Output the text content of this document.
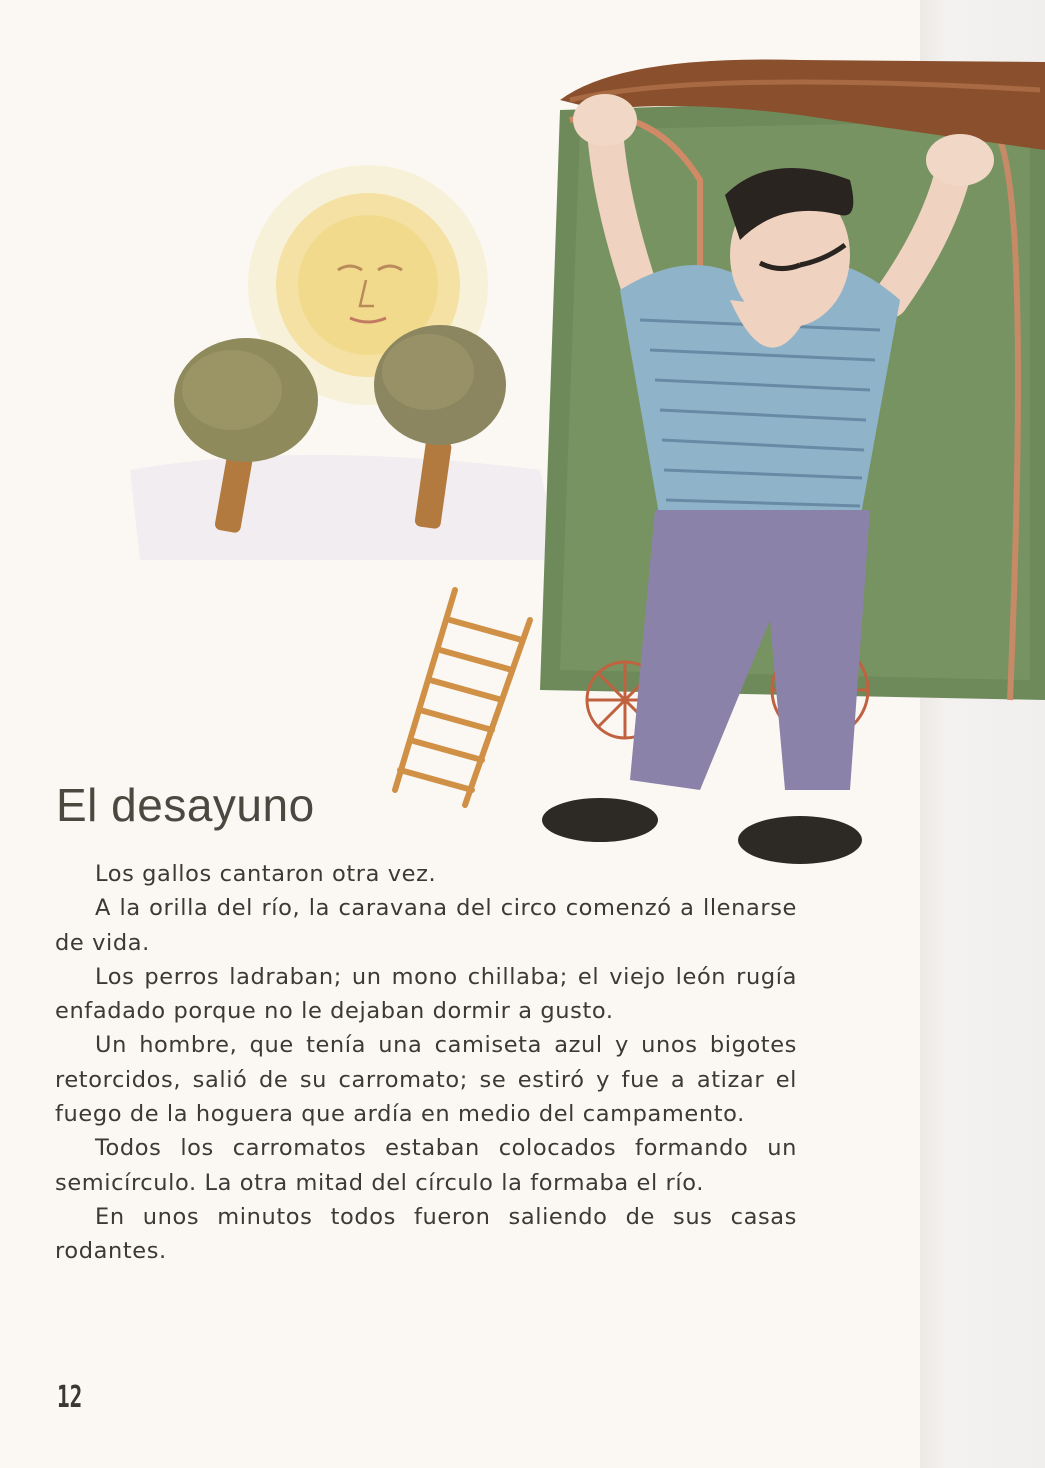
El desayuno

Los gallos cantaron otra vez.

A la orilla del río, la caravana del circo comenzó a llenarse de vida.

Los perros ladraban; un mono chillaba; el viejo león rugía enfadado porque no le dejaban dormir a gusto.

Un hombre, que tenía una camiseta azul y unos bigotes retorcidos, salió de su carromato; se estiró y fue a atizar el fuego de la hoguera que ardía en medio del campamento.

Todos los carromatos estaban colocados formando un semicírculo. La otra mitad del círculo la formaba el río.

En unos minutos todos fueron saliendo de sus casas rodantes.

12
